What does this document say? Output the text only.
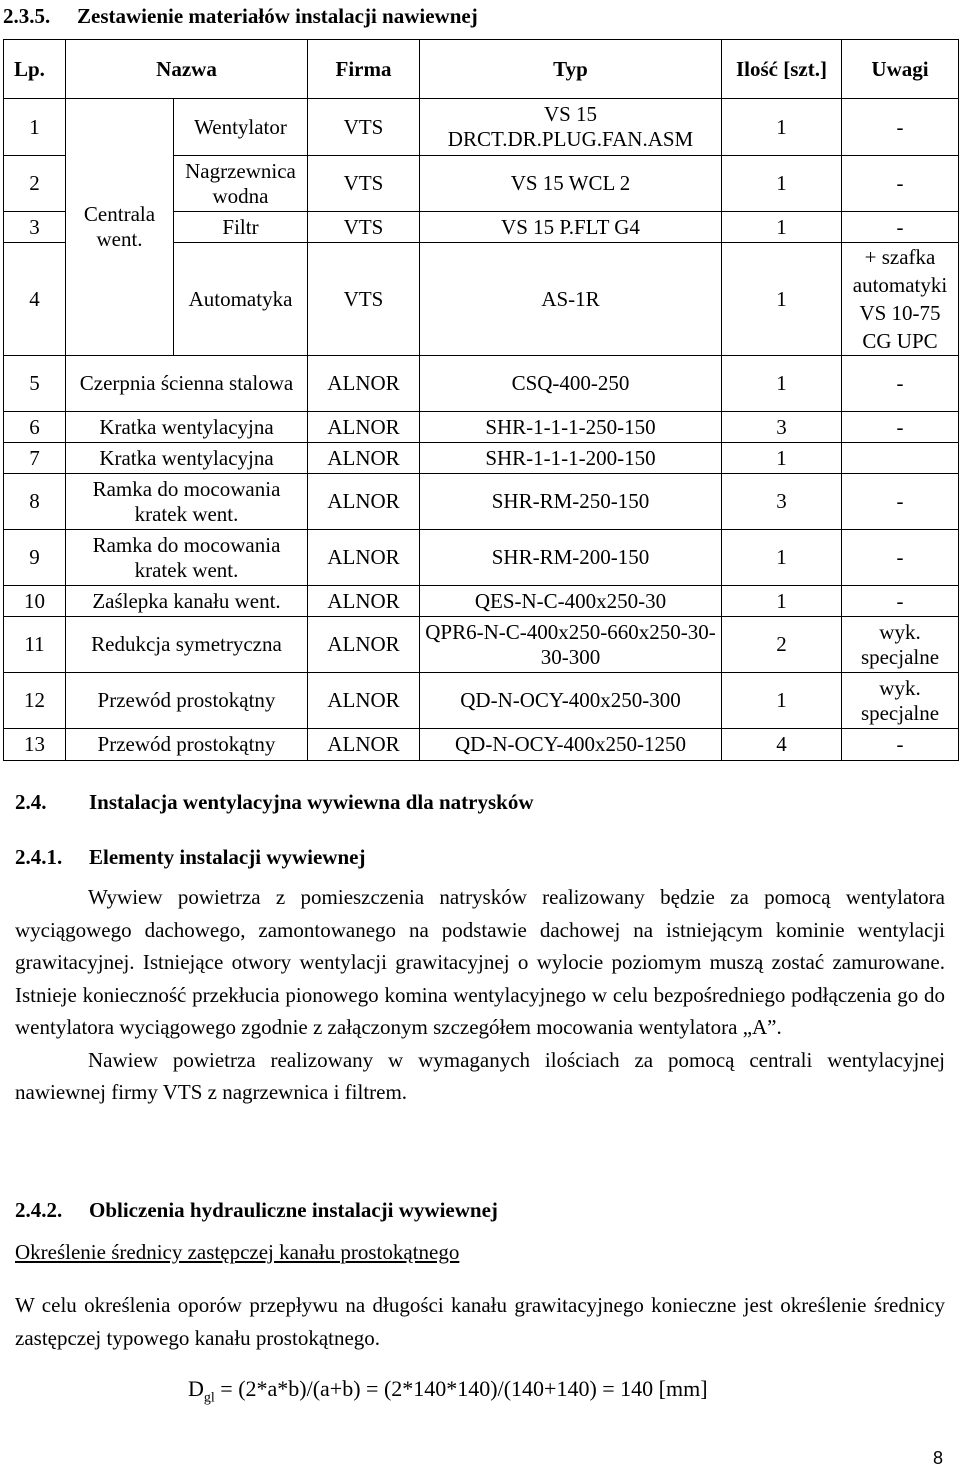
2.3.5. Zestawienie materiałów instalacji nawiewnej
Lp.	Nazwa		Firma	Typ	Ilość [szt.]	Uwagi
1	Centrala went.	Wentylator	VTS	VS 15 DRCT.DR.PLUG.FAN.ASM	1	-
2		Nagrzewnica wodna	VTS	VS 15 WCL 2	1	-
3		Filtr	VTS	VS 15 P.FLT G4	1	-
4		Automatyka	VTS	AS-1R	1	+ szafka automatyki VS 10-75 CG UPC
5	Czerpnia ścienna stalowa		ALNOR	CSQ-400-250	1	-
6	Kratka wentylacyjna		ALNOR	SHR-1-1-1-250-150	3	-
7	Kratka wentylacyjna		ALNOR	SHR-1-1-1-200-150	1	
8	Ramka do mocowania kratek went.		ALNOR	SHR-RM-250-150	3	-
9	Ramka do mocowania kratek went.		ALNOR	SHR-RM-200-150	1	-
10	Zaślepka kanału went.		ALNOR	QES-N-C-400x250-30	1	-
11	Redukcja symetryczna		ALNOR	QPR6-N-C-400x250-660x250-30-30-300	2	wyk. specjalne
12	Przewód prostokątny		ALNOR	QD-N-OCY-400x250-300	1	wyk. specjalne
13	Przewód prostokątny		ALNOR	QD-N-OCY-400x250-1250	4	-
2.4. Instalacja wentylacyjna wywiewna dla natrysków
2.4.1. Elementy instalacji wywiewnej
Wywiew powietrza z pomieszczenia natrysków realizowany będzie za pomocą wentylatora wyciągowego dachowego, zamontowanego na podstawie dachowej na istniejącym kominie wentylacji grawitacyjnej. Istniejące otwory wentylacji grawitacyjnej o wylocie poziomym muszą zostać zamurowane. Istnieje konieczność przekłucia pionowego komina wentylacyjnego w celu bezpośredniego podłączenia go do wentylatora wyciągowego zgodnie z załączonym szczegółem mocowania wentylatora „A”.
Nawiew powietrza realizowany w wymaganych ilościach za pomocą centrali wentylacyjnej nawiewnej firmy VTS z nagrzewnica i filtrem.
2.4.2. Obliczenia hydrauliczne instalacji wywiewnej
Określenie średnicy zastępczej kanału prostokątnego
W celu określenia oporów przepływu na długości kanału grawitacyjnego konieczne jest określenie średnicy zastępczej typowego kanału prostokątnego.
$D_{gl} = (2*a*b)/(a+b) = (2*140*140)/(140+140) = 140$ [mm]
8
